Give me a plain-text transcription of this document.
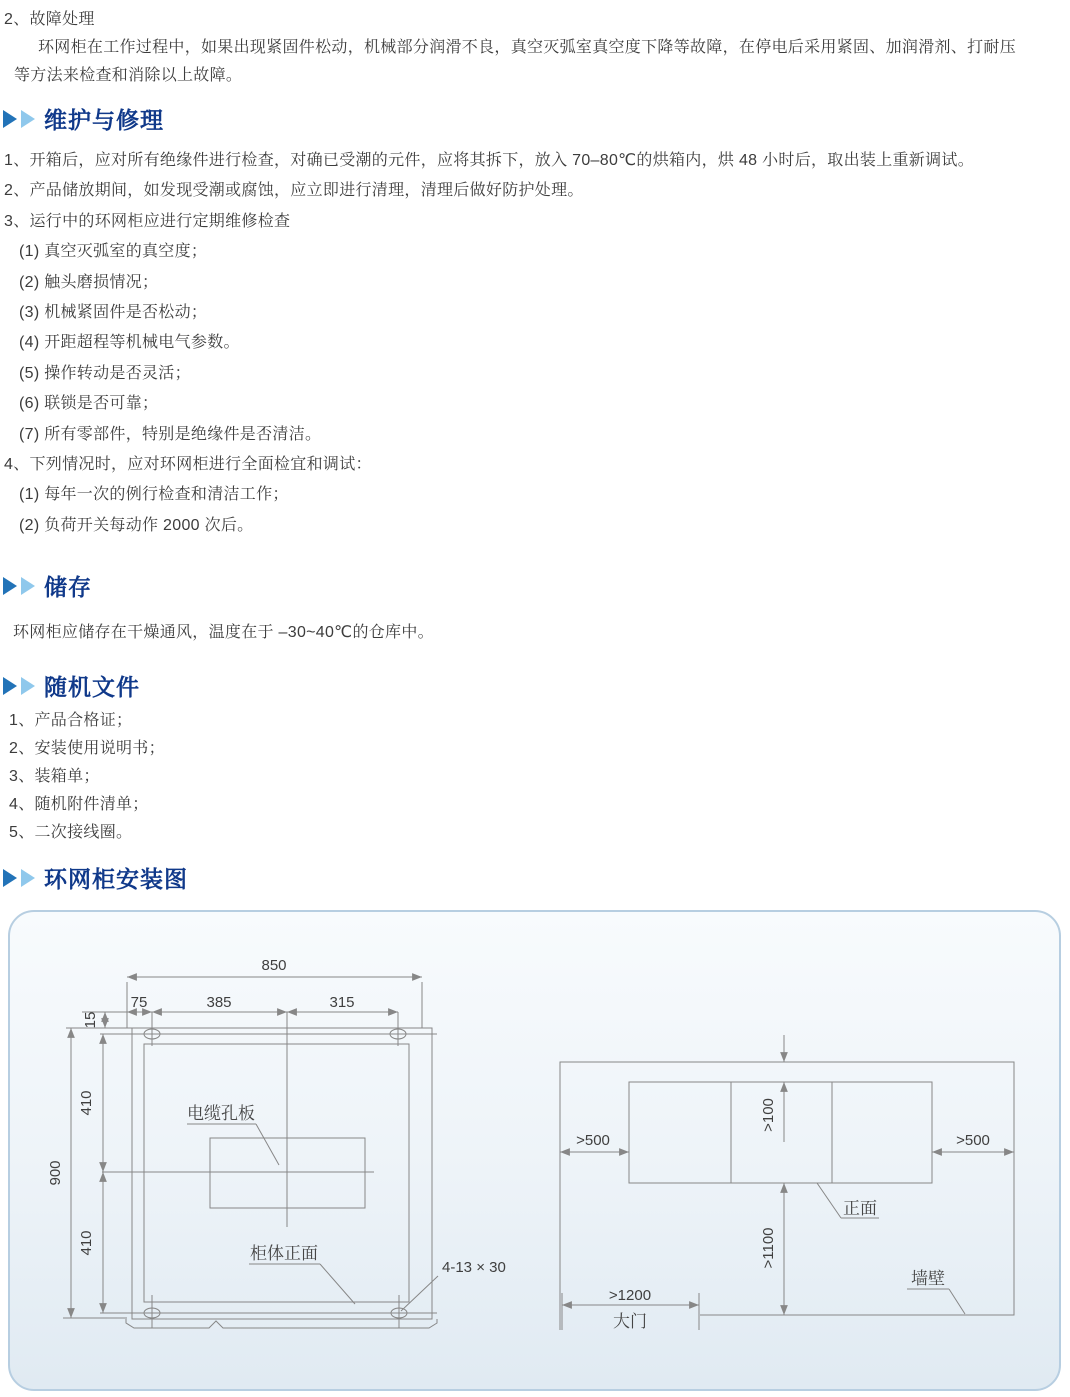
2、故障处理
环网柜在工作过程中，如果出现紧固件松动，机械部分润滑不良，真空灭弧室真空度下降等故障，在停电后采用紧固、加润滑剂、打耐压
等方法来检查和消除以上故障。
维护与修理
1、开箱后，应对所有绝缘件进行检查，对确已受潮的元件，应将其拆下，放入 70–80℃的烘箱内，烘 48 小时后，取出装上重新调试。
2、产品储放期间，如发现受潮或腐蚀，应立即进行清理，清理后做好防护处理。
3、运行中的环网柜应进行定期维修检查
(1) 真空灭弧室的真空度；
(2) 触头磨损情况；
(3) 机械紧固件是否松动；
(4) 开距超程等机械电气参数。
(5) 操作转动是否灵活；
(6) 联锁是否可靠；
(7) 所有零部件，特别是绝缘件是否清洁。
4、下列情况时，应对环网柜进行全面检宜和调试：
(1) 每年一次的例行检查和清洁工作；
(2) 负荷开关每动作 2000 次后。
储存
环网柜应储存在干燥通风，温度在于 –30~40℃的仓库中。
随机文件
1、产品合格证；
2、安装使用说明书；
3、装箱单；
4、随机附件清单；
5、二次接线圈。
环网柜安装图
850
75	385	315
15
900
410
410
电缆孔板
柜体正面
4-13 × 30
>100
>500	>500
>1100
>1200
正面
大门
墙壁
